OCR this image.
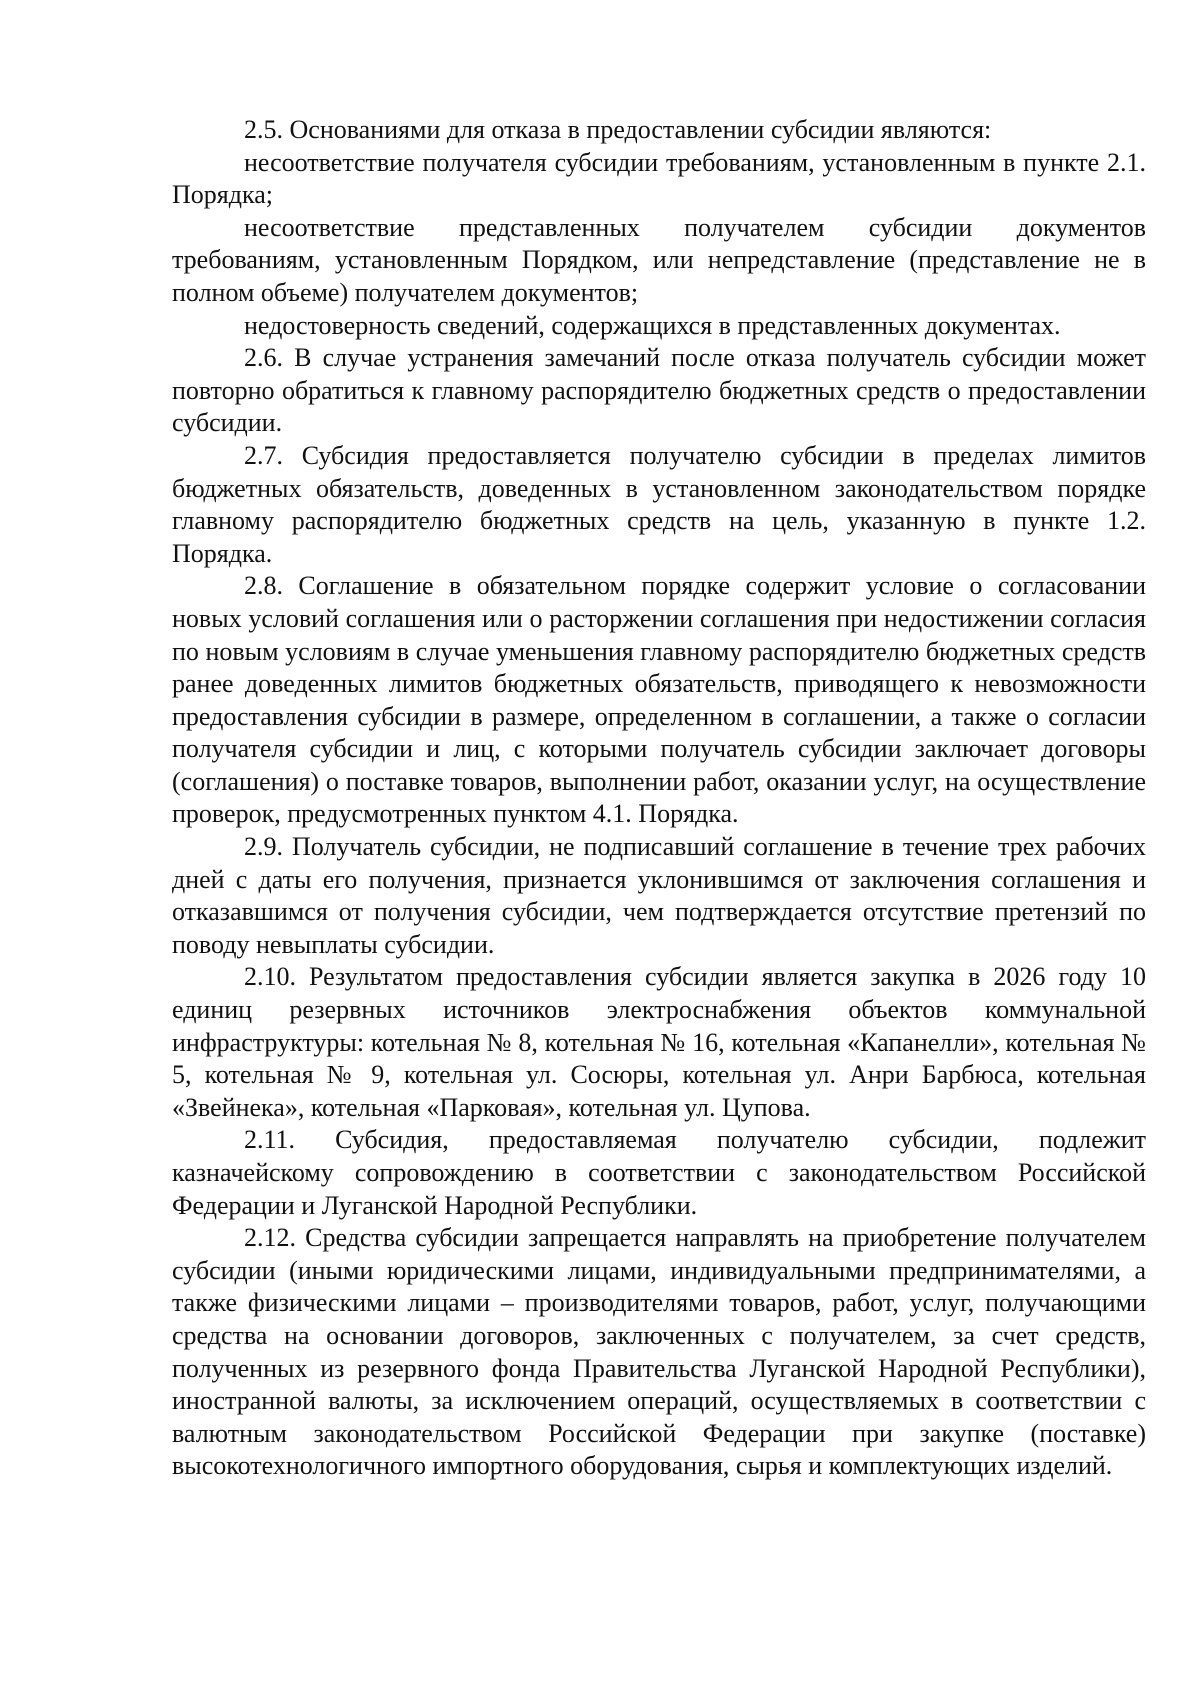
2.5. Основаниями для отказа в предоставлении субсидии являются:

несоответствие получателя субсидии требованиям, установленным в пункте 2.1. Порядка;

несоответствие представленных получателем субсидии документов требованиям, установленным Порядком, или непредставление (представление не в полном объеме) получателем документов;

недостоверность сведений, содержащихся в представленных документах.

2.6. В случае устранения замечаний после отказа получатель субсидии может повторно обратиться к главному распорядителю бюджетных средств о предоставлении субсидии.

2.7. Субсидия предоставляется получателю субсидии в пределах лимитов бюджетных обязательств, доведенных в установленном законодательством порядке главному распорядителю бюджетных средств на цель, указанную в пункте 1.2. Порядка.

2.8. Соглашение в обязательном порядке содержит условие о согласовании новых условий соглашения или о расторжении соглашения при недостижении согласия по новым условиям в случае уменьшения главному распорядителю бюджетных средств ранее доведенных лимитов бюджетных обязательств, приводящего к невозможности предоставления субсидии в размере, определенном в соглашении, а также о согласии получателя субсидии и лиц, с которыми получатель субсидии заключает договоры (соглашения) о поставке товаров, выполнении работ, оказании услуг, на осуществление проверок, предусмотренных пунктом 4.1. Порядка.

2.9. Получатель субсидии, не подписавший соглашение в течение трех рабочих дней с даты его получения, признается уклонившимся от заключения соглашения и отказавшимся от получения субсидии, чем подтверждается отсутствие претензий по поводу невыплаты субсидии.

2.10. Результатом предоставления субсидии является закупка в 2026 году 10 единиц резервных источников электроснабжения объектов коммунальной инфраструктуры: котельная № 8, котельная № 16, котельная «Капанелли», котельная № 5, котельная № 9, котельная ул. Сосюры, котельная ул. Анри Барбюса, котельная «Звейнека», котельная «Парковая», котельная ул. Цупова.

2.11. Субсидия, предоставляемая получателю субсидии, подлежит казначейскому сопровождению в соответствии с законодательством Российской Федерации и Луганской Народной Республики.

2.12. Средства субсидии запрещается направлять на приобретение получателем субсидии (иными юридическими лицами, индивидуальными предпринимателями, а также физическими лицами – производителями товаров, работ, услуг, получающими средства на основании договоров, заключенных с получателем, за счет средств, полученных из резервного фонда Правительства Луганской Народной Республики), иностранной валюты, за исключением операций, осуществляемых в соответствии с валютным законодательством Российской Федерации при закупке (поставке) высокотехнологичного импортного оборудования, сырья и комплектующих изделий.
